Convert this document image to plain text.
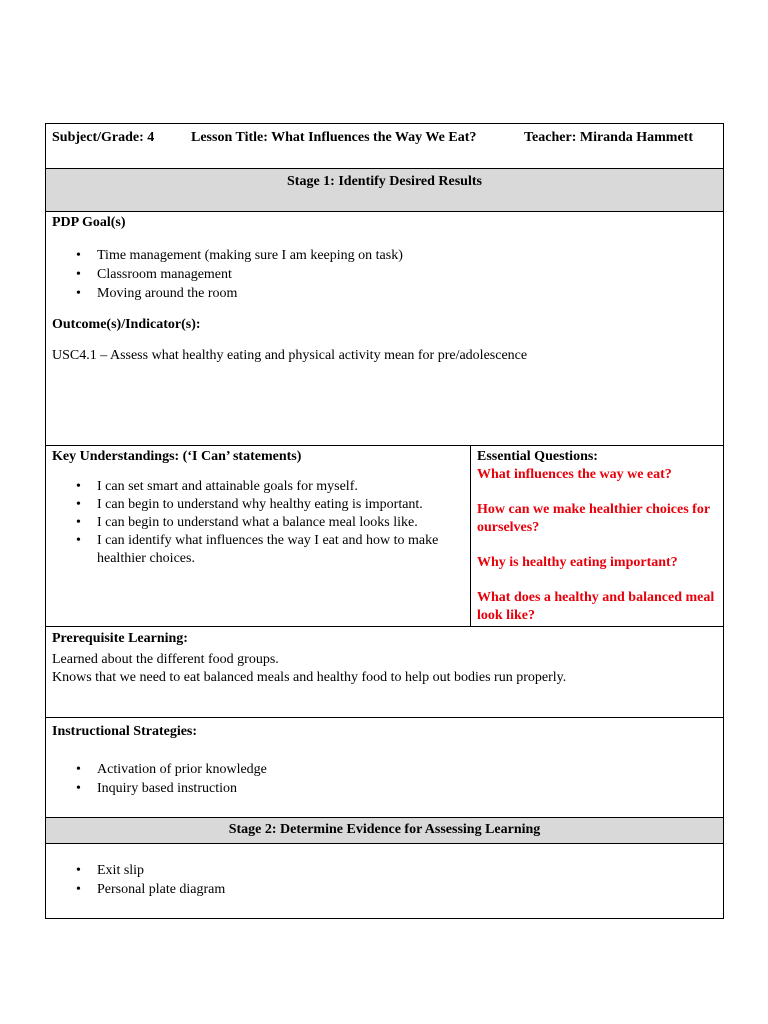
Subject/Grade: 4	Lesson Title: What Influences the Way We Eat?	Teacher: Miranda Hammett
Stage 1: Identify Desired Results

PDP Goal(s)

• Time management (making sure I am keeping on task)
• Classroom management
• Moving around the room

Outcome(s)/Indicator(s):

USC4.1 – Assess what healthy eating and physical activity mean for pre/adolescence

Key Understandings: (‘I Can’ statements)

• I can set smart and attainable goals for myself.
• I can begin to understand why healthy eating is important.
• I can begin to understand what a balance meal looks like.
• I can identify what influences the way I eat and how to make healthier choices.

Essential Questions:

What influences the way we eat?

How can we make healthier choices for ourselves?

Why is healthy eating important?

What does a healthy and balanced meal look like?

Prerequisite Learning:

Learned about the different food groups.

Knows that we need to eat balanced meals and healthy food to help out bodies run properly.

Instructional Strategies:

• Activation of prior knowledge
• Inquiry based instruction
Stage 2: Determine Evidence for Assessing Learning
• Exit slip
• Personal plate diagram
